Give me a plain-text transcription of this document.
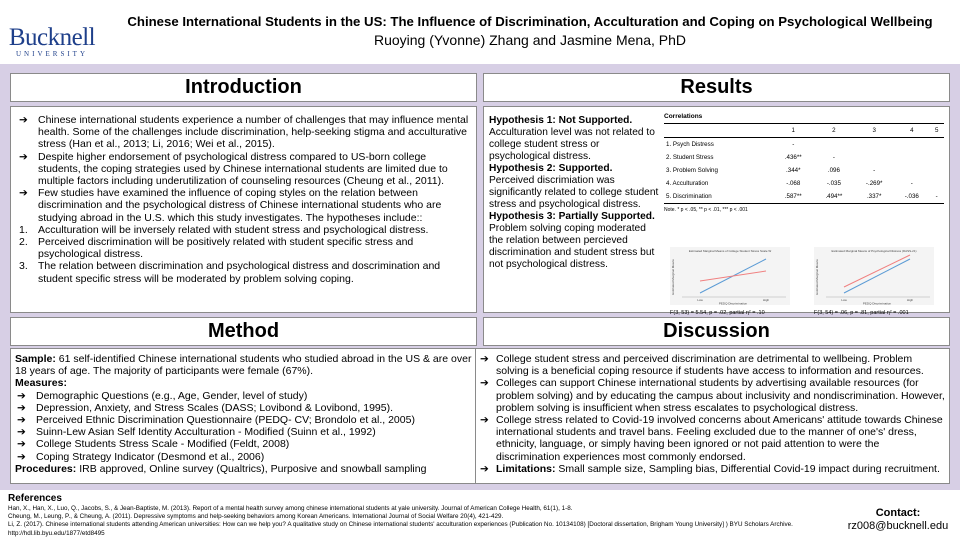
Bucknell
UNIVERSITY
Chinese International Students in the US: The Influence of Discrimination, Acculturation and Coping on Psychological Wellbeing
Ruoying (Yvonne) Zhang and Jasmine Mena, PhD
Introduction
➔ Chinese international students experience a number of challenges that may influence mental health. Some of the challenges include discrimination, help-seeking stigma and acculturative stress (Han et al., 2013; Li, 2016; Wei et al., 2015).
➔ Despite higher endorsement of psychological distress compared to US-born college students, the coping strategies used by Chinese international students are limited due to multiple factors including underutilization of counseling resources (Cheung et al., 2011).
➔ Few studies have examined the influence of coping styles on the relation between discrimination and the psychological distress of Chinese international students who are studying abroad in the U.S. which this study investigates. The hypotheses include::
1. Acculturation will be inversely related with student stress and psychological distress.
2. Perceived discrimination will be positively related with student specific stress and psychological distress.
3. The relation between discrimination and psychological distress and doscrimination and student specific stress will be moderated by problem solving coping.
Results
Hypothesis 1: Not Supported.
Acculturation level was not related to college student stress or psychological distress.
Hypothesis 2: Supported.
Perceived discrimiation was significantly related to college student stress and psychological distress.
Hypothesis 3: Partially Supported.
Problem solving coping moderated the relation between percieved discrimination and student stress but not psychological distress.
Correlations
	1	2	3	4	5
1. Psych Distress	-				
2. Student Stress	.436**	-			
3. Problem Solving	.344*	.096	-		
4. Acculturation	-.068	-.035	-.269*	-	
5. Discrimination	.587**	.494**	.337*	-.036	-
Note. * p < .05, ** p < .01, *** p < .001
Estimated Marginal Means of College Student Stress Scale W
Estimated Marginal Means
Low	High
PEDQ Discrimination
F(3, 53) = 5.54, p = .02, partial η² = .10
Estimated Marginal Means of Psychological Distress (DASS-21)
Estimated Marginal Means
Low	High
PEDQ Discrimination
F(3, 54) = .06, p = .81, partial η² = .001
Method
Sample: 61 self-identified Chinese international students who studied abroad in the US & are over 18 years of age. The majority of participants were female (67%).
Measures:
➔ Demographic Questions (e.g., Age, Gender, level of study)
➔ Depression, Anxiety, and Stress Scales (DASS; Lovibond & Lovibond, 1995).
➔ Perceived Ethnic Discrimination Questionnaire (PEDQ- CV; Brondolo et al., 2005)
➔ Suinn-Lew Asian Self Identity Acculturation - Modified (Suinn et al., 1992)
➔ College Students Stress Scale - Modified (Feldt, 2008)
➔ Coping Strategy Indicator (Desmond et al., 2006)
Procedures: IRB approved, Online survey (Qualtrics), Purposive and snowball sampling
Discussion
➔ College student stress and perceived discrimination are detrimental to wellbeing. Problem solving is a beneficial coping resource if students have access to information and resources.
➔ Colleges can support Chinese international students by advertising available resources (for problem solving) and by educating the campus about inclusivity and nondiscrimination. However, problem solving is insufficient when stress escalates to psychological distress.
➔ College stress related to Covid-19 involved concerns about Americans' attitude towards Chinese international students and travel bans. Feeling excluded due to the manner of one's' dress, ethnicity, language, or simply having been ignored or not paid attention to were the discrimination experiences most commonly endorsed.
➔ Limitations: Small sample size, Sampling bias, Differential Covid-19 impact during recruitment.
References
Han, X., Han, X., Luo, Q., Jacobs, S., & Jean-Baptiste, M. (2013). Report of a mental health survey among chinese international students at yale university. Journal of American College Health, 61(1), 1-8.
Cheung, M., Leung, P., & Cheung, A. (2011). Depressive symptoms and help-seeking behaviors among Korean Americans. International Journal of Social Welfare 20(4), 421-429.
Li, Z. (2017). Chinese international students attending American universities: How can we help you? A qualitative study on Chinese international students' acculturation experiences (Publication No. 10134108) [Doctoral dissertation, Brigham Young University] ) BYU Scholars Archive. http://hdl.lib.byu.edu/1877/etd8495
Contact:
rz008@bucknell.edu
